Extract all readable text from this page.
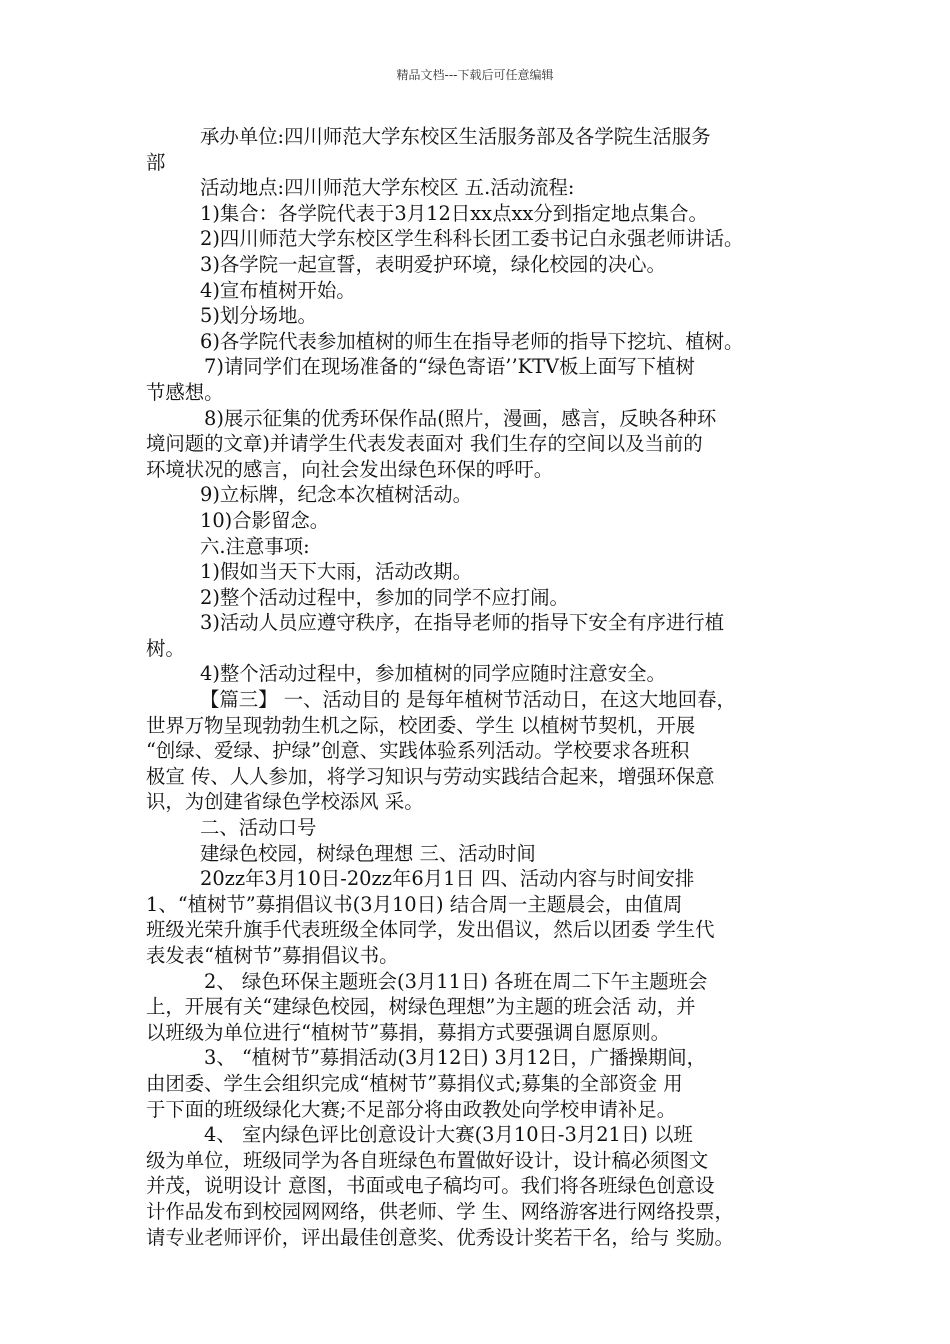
精品文档---下载后可任意编辑
承办单位:四川师范大学东校区生活服务部及各学院生活服务
部
活动地点:四川师范大学东校区 五.活动流程:
1)集合：各学院代表于3月12日xx点xx分到指定地点集合。
2)四川师范大学东校区学生科科长团工委书记白永强老师讲话。
3)各学院一起宣誓，表明爱护环境，绿化校园的决心。
4)宣布植树开始。
5)划分场地。
6)各学院代表参加植树的师生在指导老师的指导下挖坑、植树。
7)请同学们在现场准备的“绿色寄语’’KTV板上面写下植树
节感想。
8)展示征集的优秀环保作品(照片，漫画，感言，反映各种环
境问题的文章)并请学生代表发表面对 我们生存的空间以及当前的
环境状况的感言，向社会发出绿色环保的呼吁。
9)立标牌，纪念本次植树活动。
10)合影留念。
六.注意事项:
1)假如当天下大雨，活动改期。
2)整个活动过程中，参加的同学不应打闹。
3)活动人员应遵守秩序，在指导老师的指导下安全有序进行植
树。
4)整个活动过程中，参加植树的同学应随时注意安全。
【篇三】 一、活动目的 是每年植树节活动日，在这大地回春，
世界万物呈现勃勃生机之际，校团委、学生 以植树节契机，开展
“创绿、爱绿、护绿”创意、实践体验系列活动。学校要求各班积
极宣 传、人人参加，将学习知识与劳动实践结合起来，增强环保意
识，为创建省绿色学校添风 采。
二、活动口号
建绿色校园，树绿色理想 三、活动时间
20zz年3月10日-20zz年6月1日 四、活动内容与时间安排
1、“植树节”募捐倡议书(3月10日) 结合周一主题晨会，由值周
班级光荣升旗手代表班级全体同学，发出倡议，然后以团委 学生代
表发表“植树节”募捐倡议书。
2、 绿色环保主题班会(3月11日) 各班在周二下午主题班会
上，开展有关“建绿色校园，树绿色理想”为主题的班会活 动，并
以班级为单位进行“植树节”募捐，募捐方式要强调自愿原则。
3、 “植树节”募捐活动(3月12日) 3月12日，广播操期间，
由团委、学生会组织完成“植树节”募捐仪式;募集的全部资金 用
于下面的班级绿化大赛;不足部分将由政教处向学校申请补足。
4、 室内绿色评比创意设计大赛(3月10日-3月21日) 以班
级为单位，班级同学为各自班绿色布置做好设计，设计稿必须图文
并茂，说明设计 意图，书面或电子稿均可。我们将各班绿色创意设
计作品发布到校园网网络，供老师、学 生、网络游客进行网络投票，
请专业老师评价，评出最佳创意奖、优秀设计奖若干名，给与 奖励。
